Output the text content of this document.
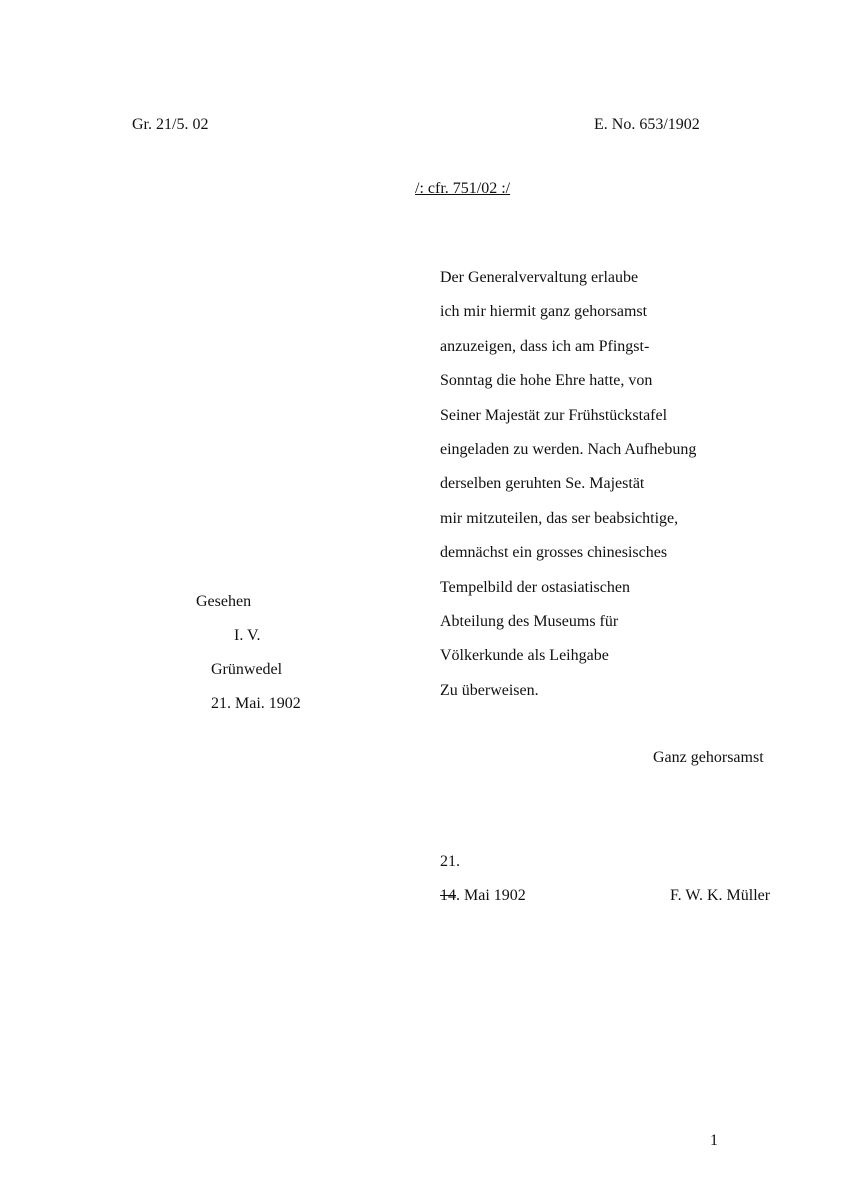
Gr. 21/5. 02	E. No. 653/1902
/: cfr. 751/02 :/
Der Generalvervaltung erlaube
ich mir hiermit ganz gehorsamst
anzuzeigen, dass ich am Pfingst-
Sonntag die hohe Ehre hatte, von
Seiner Majestät zur Frühstückstafel
eingeladen zu werden. Nach Aufhebung
derselben geruhten Se. Majestät
mir mitzuteilen, das ser beabsichtige,
demnächst ein grosses chinesisches
Tempelbild der ostasiatischen
Abteilung des Museums für
Völkerkunde als Leihgabe
Zu überweisen.
Gesehen
I. V.
Grünwedel
21. Mai. 1902
Ganz gehorsamst
21.
14. Mai 1902	F. W. K. Müller
1
